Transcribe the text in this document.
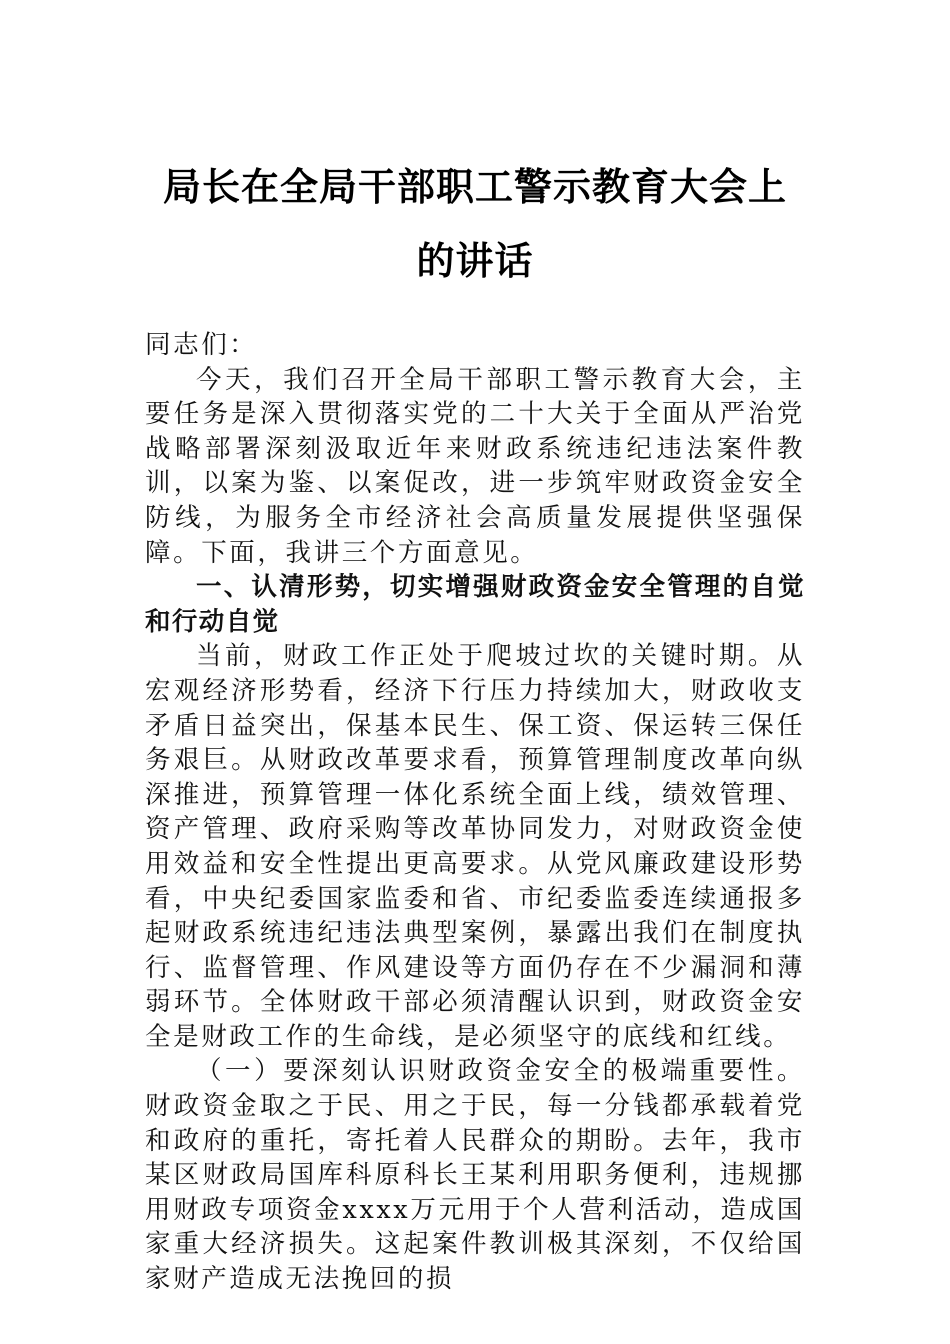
局长在全局干部职工警示教育大会上的讲话

同志们：

今天，我们召开全局干部职工警示教育大会，主要任务是深入贯彻落实党的二十大关于全面从严治党战略部署深刻汲取近年来财政系统违纪违法案件教训，以案为鉴、以案促改，进一步筑牢财政资金安全防线，为服务全市经济社会高质量发展提供坚强保障。下面，我讲三个方面意见。

一、认清形势，切实增强财政资金安全管理的自觉和行动自觉

当前，财政工作正处于爬坡过坎的关键时期。从宏观经济形势看，经济下行压力持续加大，财政收支矛盾日益突出，保基本民生、保工资、保运转三保任务艰巨。从财政改革要求看，预算管理制度改革向纵深推进，预算管理一体化系统全面上线，绩效管理、资产管理、政府采购等改革协同发力，对财政资金使用效益和安全性提出更高要求。从党风廉政建设形势看，中央纪委国家监委和省、市纪委监委连续通报多起财政系统违纪违法典型案例，暴露出我们在制度执行、监督管理、作风建设等方面仍存在不少漏洞和薄弱环节。全体财政干部必须清醒认识到，财政资金安全是财政工作的生命线，是必须坚守的底线和红线。

（一）要深刻认识财政资金安全的极端重要性。财政资金取之于民、用之于民，每一分钱都承载着党和政府的重托，寄托着人民群众的期盼。去年，我市某区财政局国库科原科长王某利用职务便利，违规挪用财政专项资金xxxx万元用于个人营利活动，造成国家重大经济损失。这起案件教训极其深刻，不仅给国家财产造成无法挽回的损
